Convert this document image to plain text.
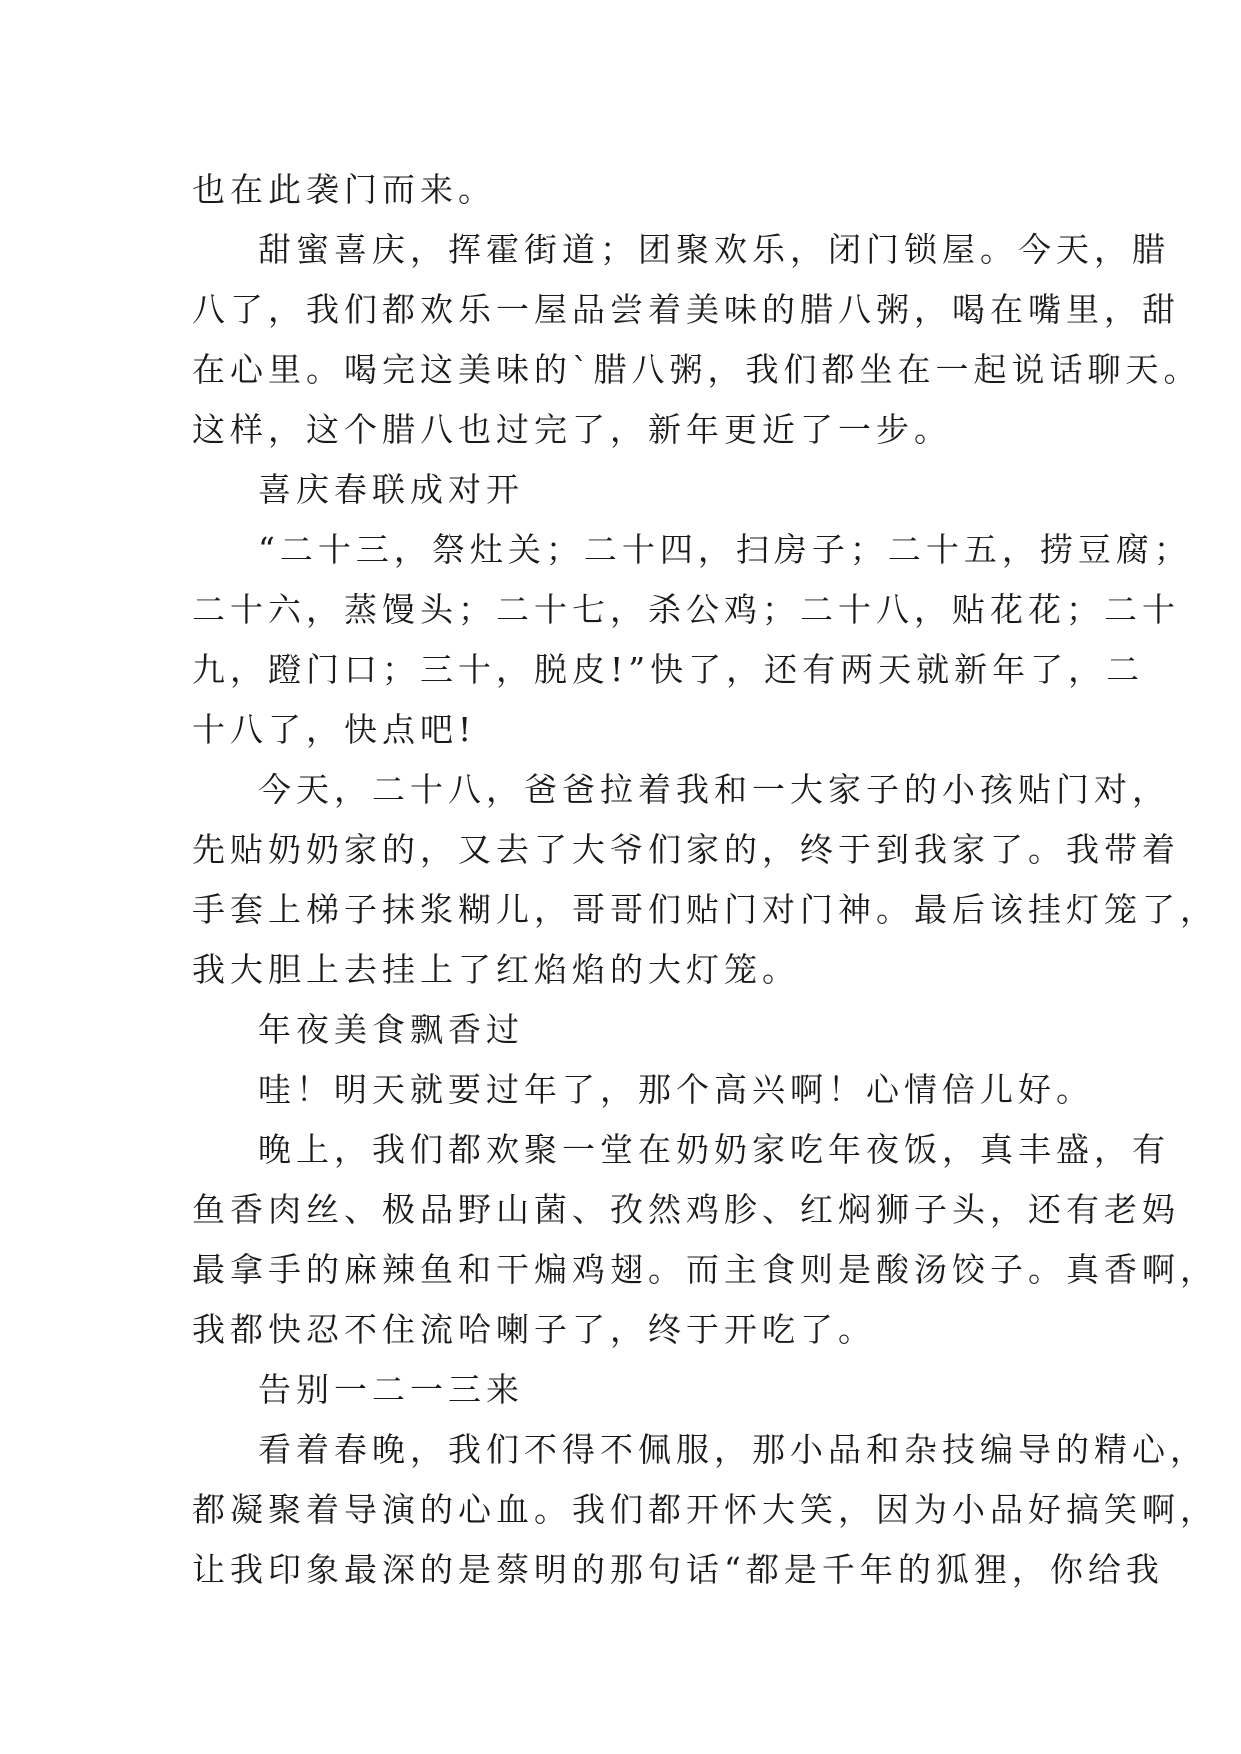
也在此袭门而来。
甜蜜喜庆，挥霍街道；团聚欢乐，闭门锁屋。今天，腊
八了，我们都欢乐一屋品尝着美味的腊八粥，喝在嘴里，甜
在心里。喝完这美味的`腊八粥，我们都坐在一起说话聊天。
这样，这个腊八也过完了，新年更近了一步。
喜庆春联成对开
“二十三，祭灶关；二十四，扫房子；二十五，捞豆腐；
二十六，蒸馒头；二十七，杀公鸡；二十八，贴花花；二十
九，蹬门口；三十，脱皮!”快了，还有两天就新年了，二
十八了，快点吧!
今天，二十八，爸爸拉着我和一大家子的小孩贴门对，
先贴奶奶家的，又去了大爷们家的，终于到我家了。我带着
手套上梯子抹浆糊儿，哥哥们贴门对门神。最后该挂灯笼了，
我大胆上去挂上了红焰焰的大灯笼。
年夜美食飘香过
哇！明天就要过年了，那个高兴啊！心情倍儿好。
晚上，我们都欢聚一堂在奶奶家吃年夜饭，真丰盛，有
鱼香肉丝、极品野山菌、孜然鸡胗、红焖狮子头，还有老妈
最拿手的麻辣鱼和干煸鸡翅。而主食则是酸汤饺子。真香啊，
我都快忍不住流哈喇子了，终于开吃了。
告别一二一三来
看着春晚，我们不得不佩服，那小品和杂技编导的精心，
都凝聚着导演的心血。我们都开怀大笑，因为小品好搞笑啊，
让我印象最深的是蔡明的那句话“都是千年的狐狸，你给我
